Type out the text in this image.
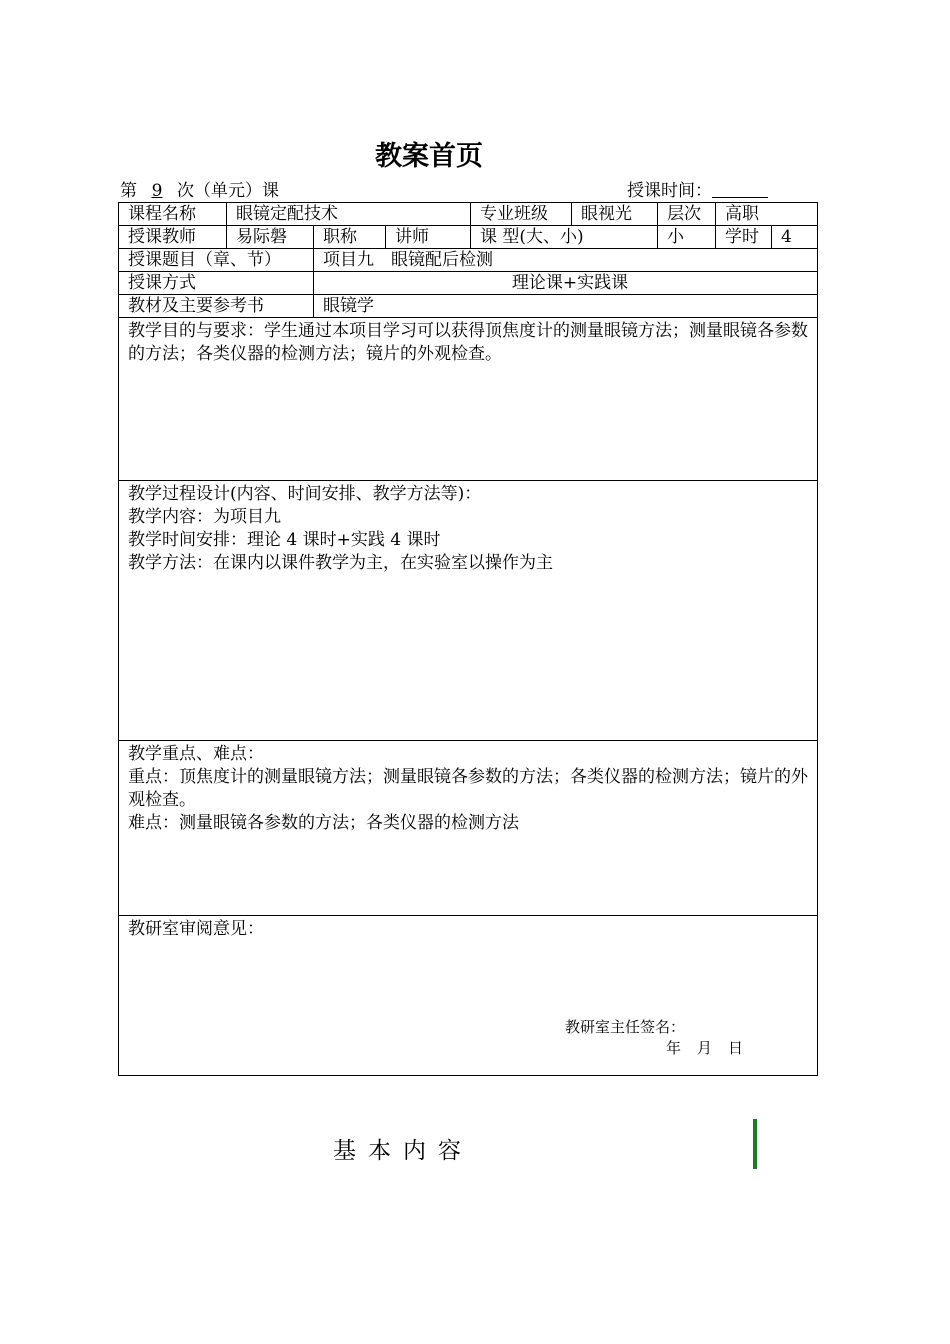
教案首页
第 9 次（单元）课	授课时间：
课程名称	眼镜定配技术			专业班级	眼视光	层次	高职	
授课教师	易际磐	职称	讲师	课 型(大、小)		小	学时	4
授课题目（章、节）		项目九　眼镜配后检测						
授课方式		理论课+实践课						
教材及主要参考书		眼镜学						

教学目的与要求：学生通过本项目学习可以获得顶焦度计的测量眼镜方法；测量眼镜各参数的方法；各类仪器的检测方法；镜片的外观检查。								

教学过程设计(内容、时间安排、教学方法等)：
教学内容：为项目九
教学时间安排：理论 4 课时+实践 4 课时
教学方法：在课内以课件教学为主，在实验室以操作为主								

教学重点、难点：
重点：顶焦度计的测量眼镜方法；测量眼镜各参数的方法；各类仪器的检测方法；镜片的外观检查。
难点：测量眼镜各参数的方法；各类仪器的检测方法								

教研室审阅意见：
教研室主任签名：
年 月 日								
基本内容
